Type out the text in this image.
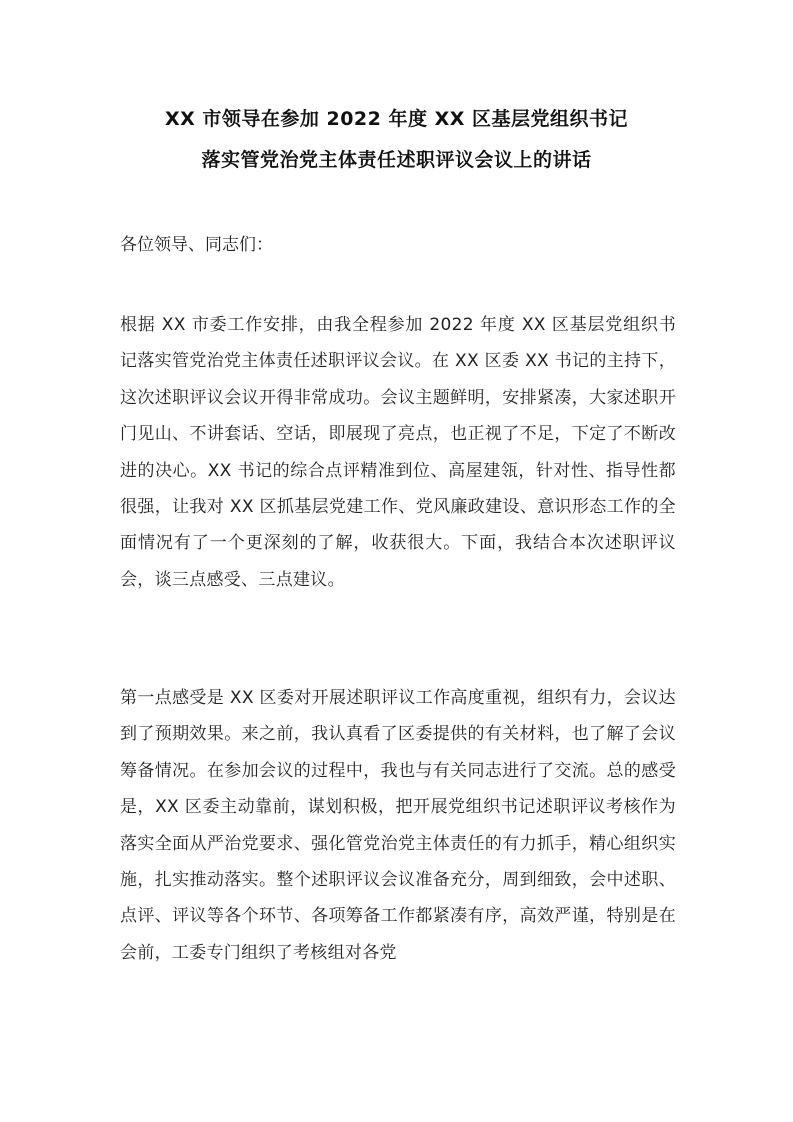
XX 市领导在参加 2022 年度 XX 区基层党组织书记
落实管党治党主体责任述职评议会议上的讲话
各位领导、同志们：
根据 XX 市委工作安排，由我全程参加 2022 年度 XX 区基层党组织书记落实管党治党主体责任述职评议会议。在 XX 区委 XX 书记的主持下，这次述职评议会议开得非常成功。会议主题鲜明，安排紧凑，大家述职开门见山、不讲套话、空话，即展现了亮点，也正视了不足，下定了不断改进的决心。XX 书记的综合点评精准到位、高屋建瓴，针对性、指导性都很强，让我对 XX 区抓基层党建工作、党风廉政建设、意识形态工作的全面情况有了一个更深刻的了解，收获很大。下面，我结合本次述职评议会，谈三点感受、三点建议。
第一点感受是 XX 区委对开展述职评议工作高度重视，组织有力，会议达到了预期效果。来之前，我认真看了区委提供的有关材料，也了解了会议筹备情况。在参加会议的过程中，我也与有关同志进行了交流。总的感受是，XX 区委主动靠前，谋划积极，把开展党组织书记述职评议考核作为落实全面从严治党要求、强化管党治党主体责任的有力抓手，精心组织实施，扎实推动落实。整个述职评议会议准备充分，周到细致，会中述职、点评、评议等各个环节、各项筹备工作都紧凑有序，高效严谨，特别是在会前，工委专门组织了考核组对各党
